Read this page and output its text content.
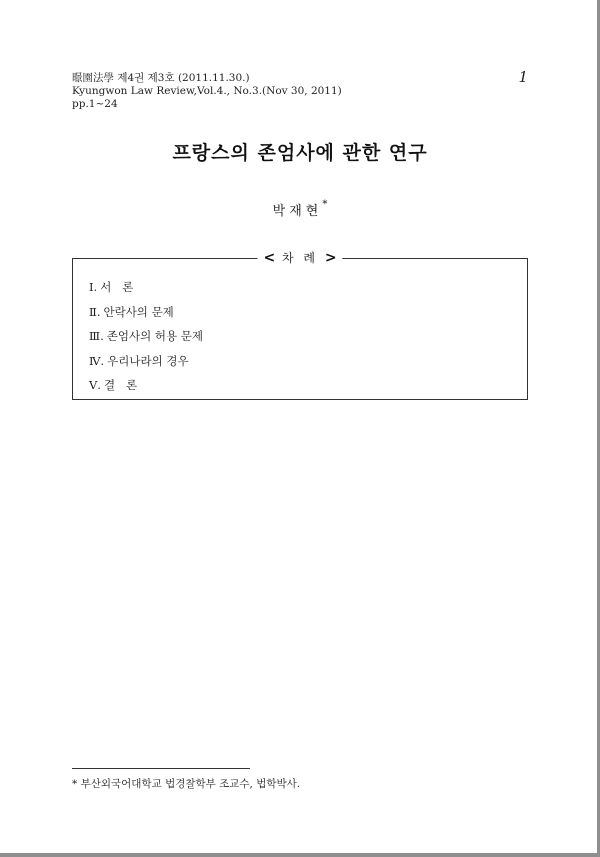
暻園法學 제4권 제3호 (2011.11.30.)
Kyungwon Law Review,Vol.4., No.3.(Nov 30, 2011)
pp.1~24
1
프랑스의 존엄사에 관한 연구
박재현*
< 차 례 >
Ⅰ. 서   론
Ⅱ. 안락사의 문제
Ⅲ. 존엄사의 허용 문제
Ⅳ. 우리나라의 경우
Ⅴ. 결   론
* 부산외국어대학교 법경찰학부 조교수, 법학박사.
